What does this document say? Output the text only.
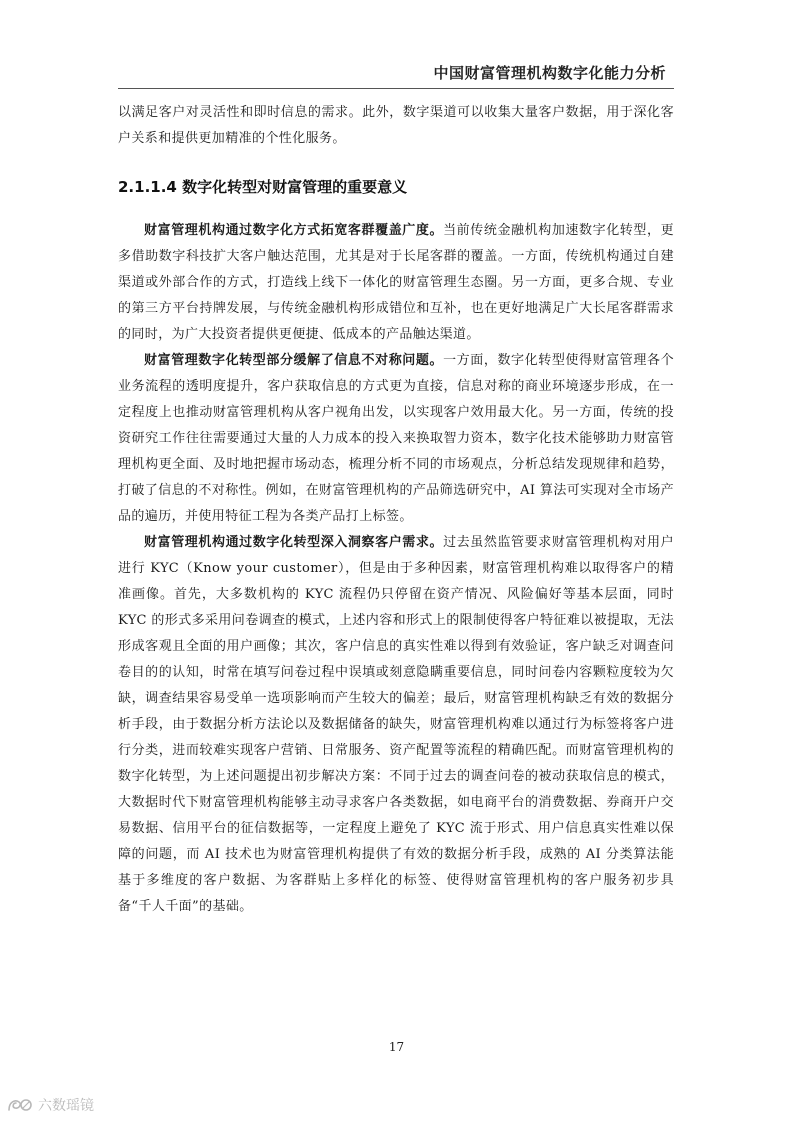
中国财富管理机构数字化能力分析

以满足客户对灵活性和即时信息的需求。此外，数字渠道可以收集大量客户数据，用于深化客户关系和提供更加精准的个性化服务。

2.1.1.4 数字化转型对财富管理的重要意义

财富管理机构通过数字化方式拓宽客群覆盖广度。当前传统金融机构加速数字化转型，更多借助数字科技扩大客户触达范围，尤其是对于长尾客群的覆盖。一方面，传统机构通过自建渠道或外部合作的方式，打造线上线下一体化的财富管理生态圈。另一方面，更多合规、专业的第三方平台持牌发展，与传统金融机构形成错位和互补，也在更好地满足广大长尾客群需求的同时，为广大投资者提供更便捷、低成本的产品触达渠道。

财富管理数字化转型部分缓解了信息不对称问题。一方面，数字化转型使得财富管理各个业务流程的透明度提升，客户获取信息的方式更为直接，信息对称的商业环境逐步形成，在一定程度上也推动财富管理机构从客户视角出发，以实现客户效用最大化。另一方面，传统的投资研究工作往往需要通过大量的人力成本的投入来换取智力资本，数字化技术能够助力财富管理机构更全面、及时地把握市场动态，梳理分析不同的市场观点，分析总结发现规律和趋势，打破了信息的不对称性。例如，在财富管理机构的产品筛选研究中，AI 算法可实现对全市场产品的遍历，并使用特征工程为各类产品打上标签。

财富管理机构通过数字化转型深入洞察客户需求。过去虽然监管要求财富管理机构对用户进行 KYC（Know your customer），但是由于多种因素，财富管理机构难以取得客户的精准画像。首先，大多数机构的 KYC 流程仍只停留在资产情况、风险偏好等基本层面，同时 KYC 的形式多采用问卷调查的模式，上述内容和形式上的限制使得客户特征难以被提取，无法形成客观且全面的用户画像；其次，客户信息的真实性难以得到有效验证，客户缺乏对调查问卷目的的认知，时常在填写问卷过程中误填或刻意隐瞒重要信息，同时问卷内容颗粒度较为欠缺，调查结果容易受单一选项影响而产生较大的偏差；最后，财富管理机构缺乏有效的数据分析手段，由于数据分析方法论以及数据储备的缺失，财富管理机构难以通过行为标签将客户进行分类，进而较难实现客户营销、日常服务、资产配置等流程的精确匹配。而财富管理机构的数字化转型，为上述问题提出初步解决方案：不同于过去的调查问卷的被动获取信息的模式，大数据时代下财富管理机构能够主动寻求客户各类数据，如电商平台的消费数据、券商开户交易数据、信用平台的征信数据等，一定程度上避免了 KYC 流于形式、用户信息真实性难以保障的问题，而 AI 技术也为财富管理机构提供了有效的数据分析手段，成熟的 AI 分类算法能基于多维度的客户数据、为客群贴上多样化的标签、使得财富管理机构的客户服务初步具备“千人千面”的基础。

17
六数瑶镜
